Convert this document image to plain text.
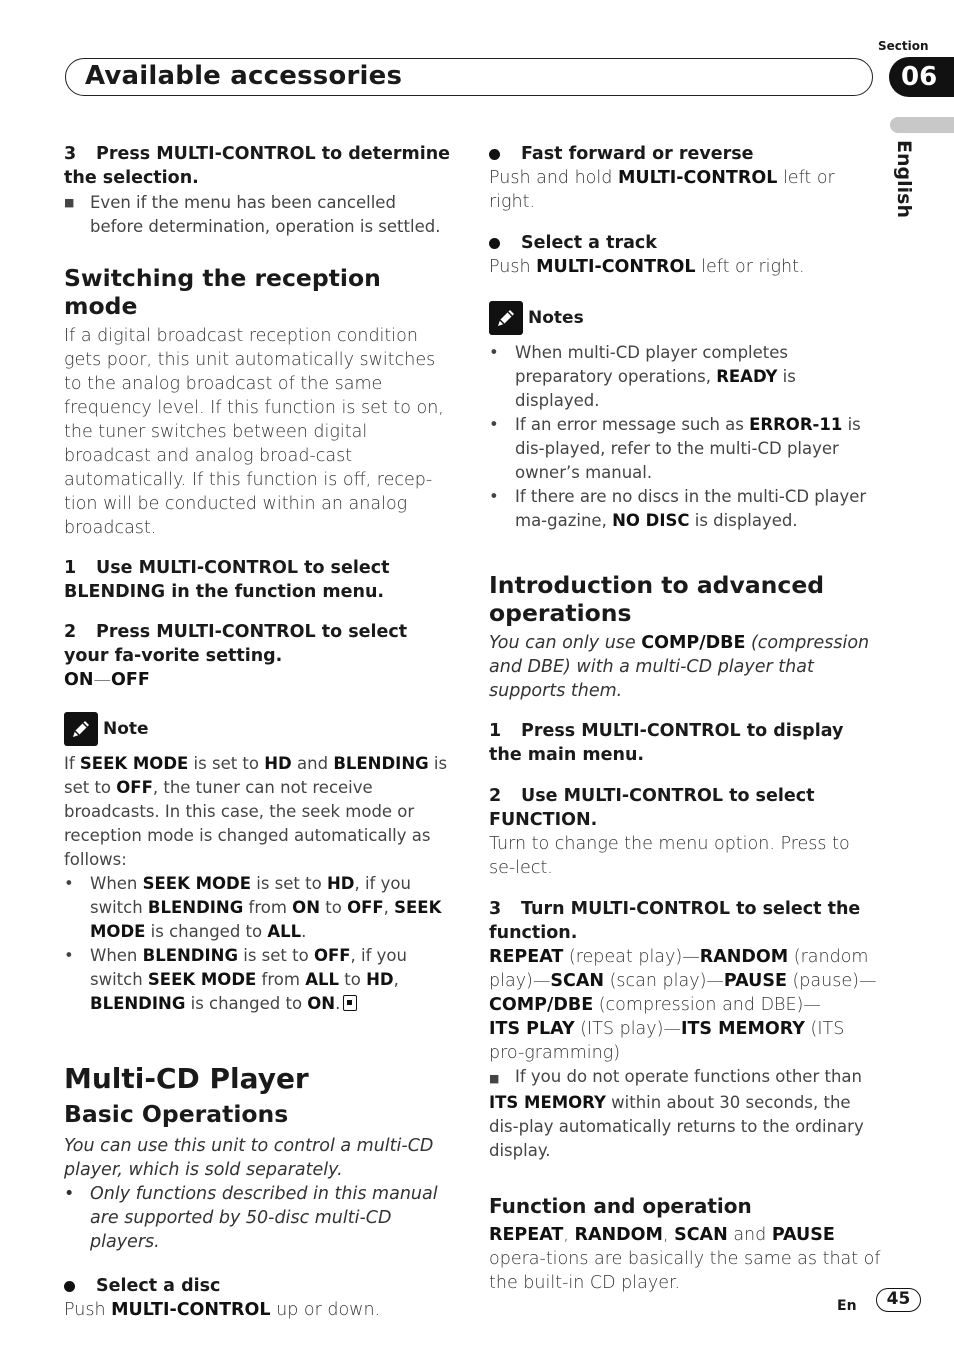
Section
Available accessories	06
English
3 Press MULTI-CONTROL to determine the selection.
■ Even if the menu has been cancelled before determination, operation is settled.
Switching the reception mode

If a digital broadcast reception condition gets poor, this unit automatically switches to the analog broadcast of the same frequency level. If this function is set to on, the tuner switches between digital broadcast and analog broad-cast automatically. If this function is off, recep-tion will be conducted within an analog broadcast.

1 Use MULTI-CONTROL to select BLENDING in the function menu.
2 Press MULTI-CONTROL to select your fa-vorite setting.
ON—OFF
Note

If SEEK MODE is set to HD and BLENDING is set to OFF, the tuner can not receive broadcasts. In this case, the seek mode or reception mode is changed automatically as follows:

• When SEEK MODE is set to HD, if you switch BLENDING from ON to OFF, SEEK MODE is changed to ALL.
• When BLENDING is set to OFF, if you switch SEEK MODE from ALL to HD, BLENDING is changed to ON.
Multi-CD Player
Basic Operations

You can use this unit to control a multi-CD player, which is sold separately.

• Only functions described in this manual are supported by 50-disc multi-CD players.
Select a disc
Push MULTI-CONTROL up or down.
Fast forward or reverse
Push and hold MULTI-CONTROL left or right.
Select a track
Push MULTI-CONTROL left or right.
Notes
• When multi-CD player completes preparatory operations, READY is displayed.
• If an error message such as ERROR-11 is dis-played, refer to the multi-CD player owner’s manual.
• If there are no discs in the multi-CD player ma-gazine, NO DISC is displayed.
Introduction to advanced operations

You can only use COMP/DBE (compression and DBE) with a multi-CD player that supports them.

1 Press MULTI-CONTROL to display the main menu.
2 Use MULTI-CONTROL to select FUNCTION.

Turn to change the menu option. Press to se-lect.

3 Turn MULTI-CONTROL to select the function.

REPEAT (repeat play)—RANDOM (random play)—SCAN (scan play)—PAUSE (pause)—
COMP/DBE (compression and DBE)—
ITS PLAY (ITS play)—ITS MEMORY (ITS pro-gramming)

■ If you do not operate functions other than ITS MEMORY within about 30 seconds, the dis-play automatically returns to the ordinary display.
Function and operation

REPEAT, RANDOM, SCAN and PAUSE opera-tions are basically the same as that of the built-in CD player.

En	45
